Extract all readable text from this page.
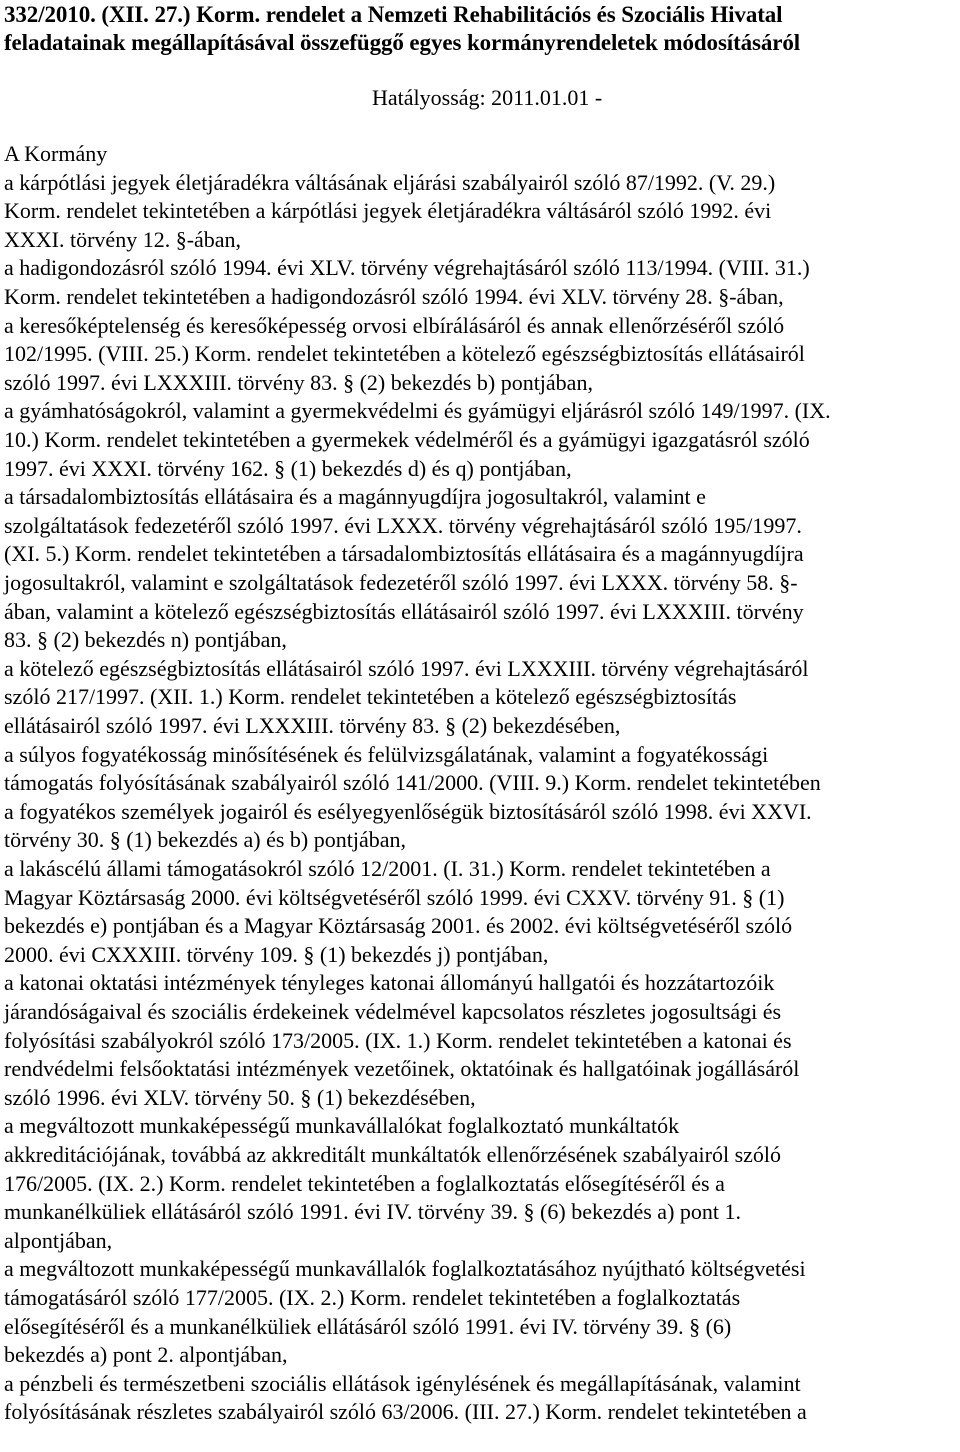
332/2010. (XII. 27.) Korm. rendelet a Nemzeti Rehabilitációs és Szociális Hivatal
feladatainak megállapításával összefüggő egyes kormányrendeletek módosításáról
Hatályosság: 2011.01.01 -
A Kormány
a kárpótlási jegyek életjáradékra váltásának eljárási szabályairól szóló 87/1992. (V. 29.)
Korm. rendelet tekintetében a kárpótlási jegyek életjáradékra váltásáról szóló 1992. évi
XXXI. törvény 12. §-ában,
a hadigondozásról szóló 1994. évi XLV. törvény végrehajtásáról szóló 113/1994. (VIII. 31.)
Korm. rendelet tekintetében a hadigondozásról szóló 1994. évi XLV. törvény 28. §-ában,
a keresőképtelenség és keresőképesség orvosi elbírálásáról és annak ellenőrzéséről szóló
102/1995. (VIII. 25.) Korm. rendelet tekintetében a kötelező egészségbiztosítás ellátásairól
szóló 1997. évi LXXXIII. törvény 83. § (2) bekezdés b) pontjában,
a gyámhatóságokról, valamint a gyermekvédelmi és gyámügyi eljárásról szóló 149/1997. (IX.
10.) Korm. rendelet tekintetében a gyermekek védelméről és a gyámügyi igazgatásról szóló
1997. évi XXXI. törvény 162. § (1) bekezdés d) és q) pontjában,
a társadalombiztosítás ellátásaira és a magánnyugdíjra jogosultakról, valamint e
szolgáltatások fedezetéről szóló 1997. évi LXXX. törvény végrehajtásáról szóló 195/1997.
(XI. 5.) Korm. rendelet tekintetében a társadalombiztosítás ellátásaira és a magánnyugdíjra
jogosultakról, valamint e szolgáltatások fedezetéről szóló 1997. évi LXXX. törvény 58. §-
ában, valamint a kötelező egészségbiztosítás ellátásairól szóló 1997. évi LXXXIII. törvény
83. § (2) bekezdés n) pontjában,
a kötelező egészségbiztosítás ellátásairól szóló 1997. évi LXXXIII. törvény végrehajtásáról
szóló 217/1997. (XII. 1.) Korm. rendelet tekintetében a kötelező egészségbiztosítás
ellátásairól szóló 1997. évi LXXXIII. törvény 83. § (2) bekezdésében,
a súlyos fogyatékosság minősítésének és felülvizsgálatának, valamint a fogyatékossági
támogatás folyósításának szabályairól szóló 141/2000. (VIII. 9.) Korm. rendelet tekintetében
a fogyatékos személyek jogairól és esélyegyenlőségük biztosításáról szóló 1998. évi XXVI.
törvény 30. § (1) bekezdés a) és b) pontjában,
a lakáscélú állami támogatásokról szóló 12/2001. (I. 31.) Korm. rendelet tekintetében a
Magyar Köztársaság 2000. évi költségvetéséről szóló 1999. évi CXXV. törvény 91. § (1)
bekezdés e) pontjában és a Magyar Köztársaság 2001. és 2002. évi költségvetéséről szóló
2000. évi CXXXIII. törvény 109. § (1) bekezdés j) pontjában,
a katonai oktatási intézmények tényleges katonai állományú hallgatói és hozzátartozóik
járandóságaival és szociális érdekeinek védelmével kapcsolatos részletes jogosultsági és
folyósítási szabályokról szóló 173/2005. (IX. 1.) Korm. rendelet tekintetében a katonai és
rendvédelmi felsőoktatási intézmények vezetőinek, oktatóinak és hallgatóinak jogállásáról
szóló 1996. évi XLV. törvény 50. § (1) bekezdésében,
a megváltozott munkaképességű munkavállalókat foglalkoztató munkáltatók
akkreditációjának, továbbá az akkreditált munkáltatók ellenőrzésének szabályairól szóló
176/2005. (IX. 2.) Korm. rendelet tekintetében a foglalkoztatás elősegítéséről és a
munkanélküliek ellátásáról szóló 1991. évi IV. törvény 39. § (6) bekezdés a) pont 1.
alpontjában,
a megváltozott munkaképességű munkavállalók foglalkoztatásához nyújtható költségvetési
támogatásáról szóló 177/2005. (IX. 2.) Korm. rendelet tekintetében a foglalkoztatás
elősegítéséről és a munkanélküliek ellátásáról szóló 1991. évi IV. törvény 39. § (6)
bekezdés a) pont 2. alpontjában,
a pénzbeli és természetbeni szociális ellátások igénylésének és megállapításának, valamint
folyósításának részletes szabályairól szóló 63/2006. (III. 27.) Korm. rendelet tekintetében a
